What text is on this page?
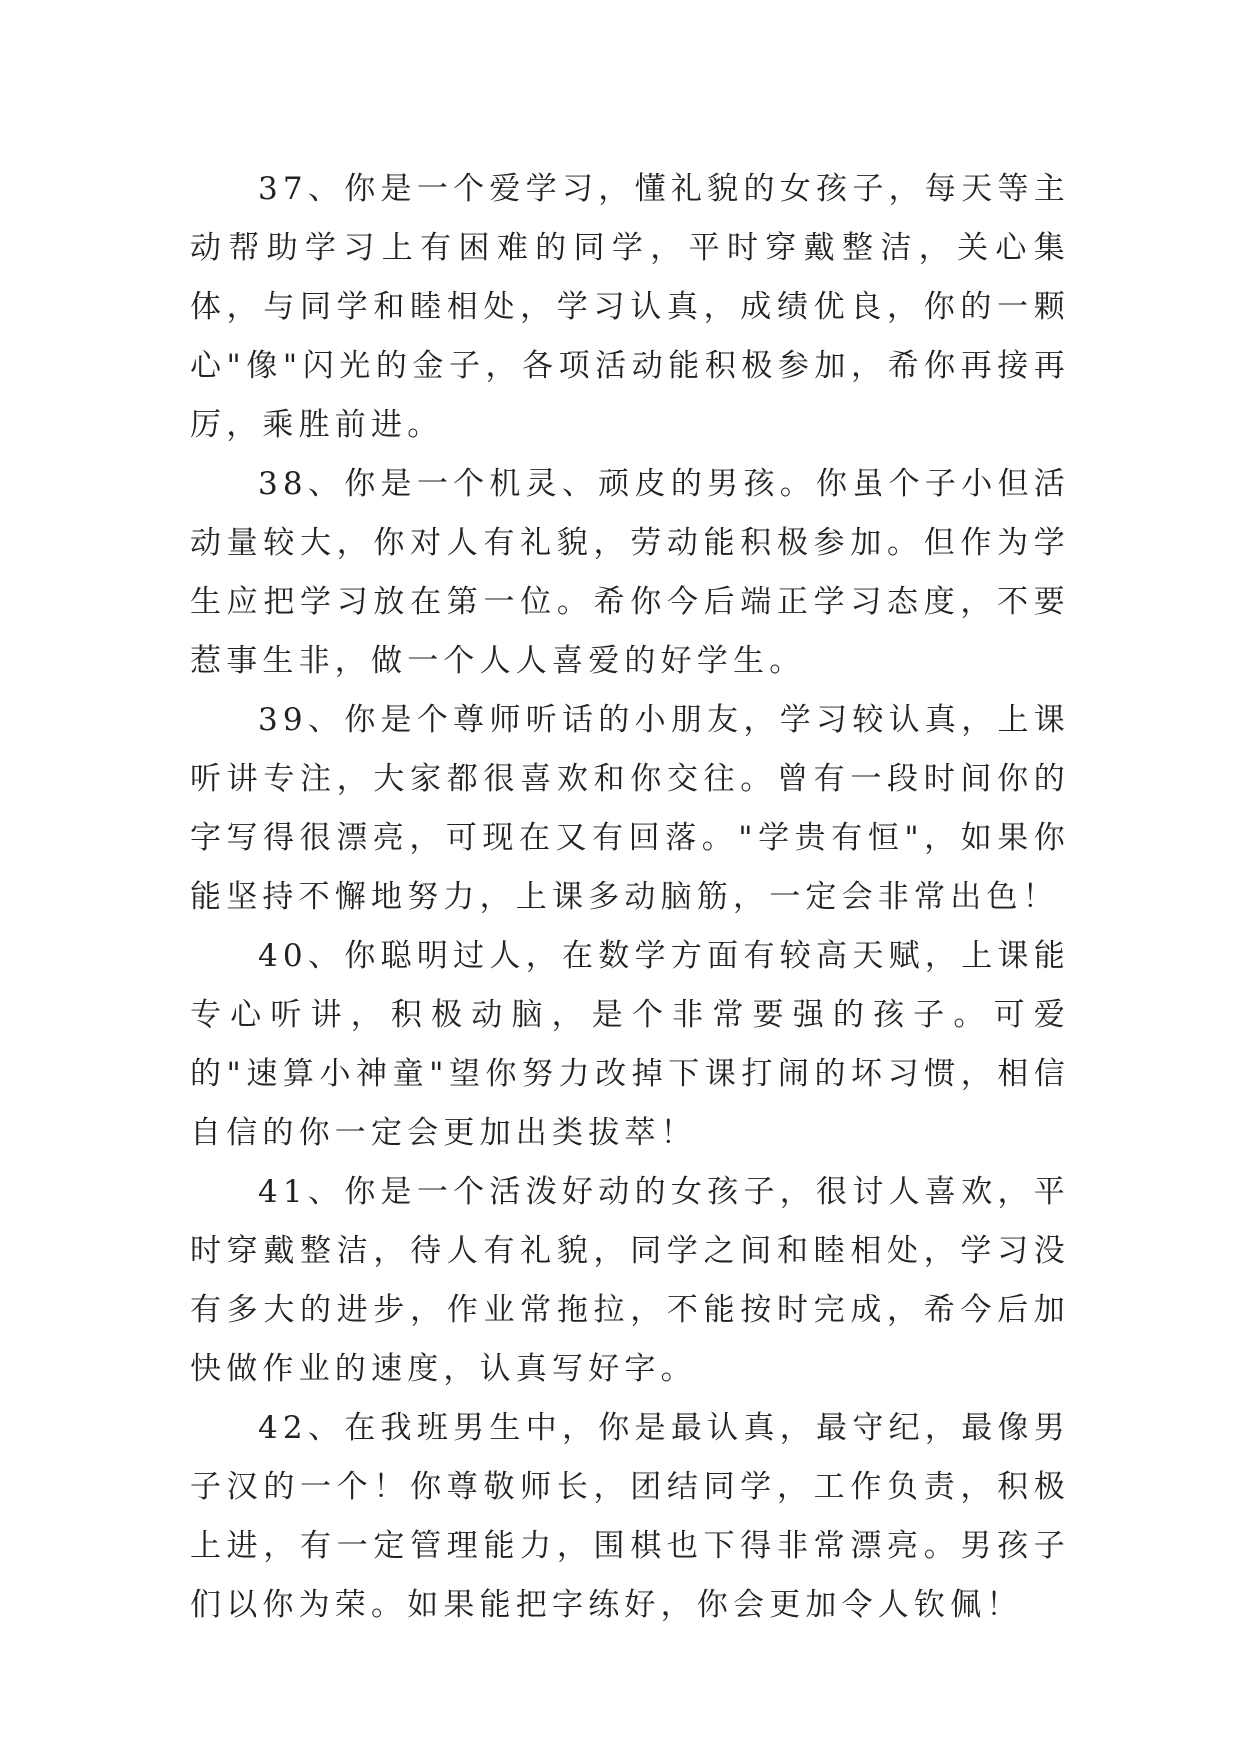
37、你是一个爱学习，懂礼貌的女孩子，每天等主动帮助学习上有困难的同学，平时穿戴整洁，关心集体，与同学和睦相处，学习认真，成绩优良，你的一颗心"像"闪光的金子，各项活动能积极参加，希你再接再厉，乘胜前进。

38、你是一个机灵、顽皮的男孩。你虽个子小但活动量较大，你对人有礼貌，劳动能积极参加。但作为学生应把学习放在第一位。希你今后端正学习态度，不要惹事生非，做一个人人喜爱的好学生。

39、你是个尊师听话的小朋友，学习较认真，上课听讲专注，大家都很喜欢和你交往。曾有一段时间你的字写得很漂亮，可现在又有回落。"学贵有恒"，如果你能坚持不懈地努力，上课多动脑筋，一定会非常出色！

40、你聪明过人，在数学方面有较高天赋，上课能专心听讲，积极动脑，是个非常要强的孩子。可爱的"速算小神童"望你努力改掉下课打闹的坏习惯，相信自信的你一定会更加出类拔萃！

41、你是一个活泼好动的女孩子，很讨人喜欢，平时穿戴整洁，待人有礼貌，同学之间和睦相处，学习没有多大的进步，作业常拖拉，不能按时完成，希今后加快做作业的速度，认真写好字。

42、在我班男生中，你是最认真，最守纪，最像男子汉的一个！你尊敬师长，团结同学，工作负责，积极上进，有一定管理能力，围棋也下得非常漂亮。男孩子们以你为荣。如果能把字练好，你会更加令人钦佩！
